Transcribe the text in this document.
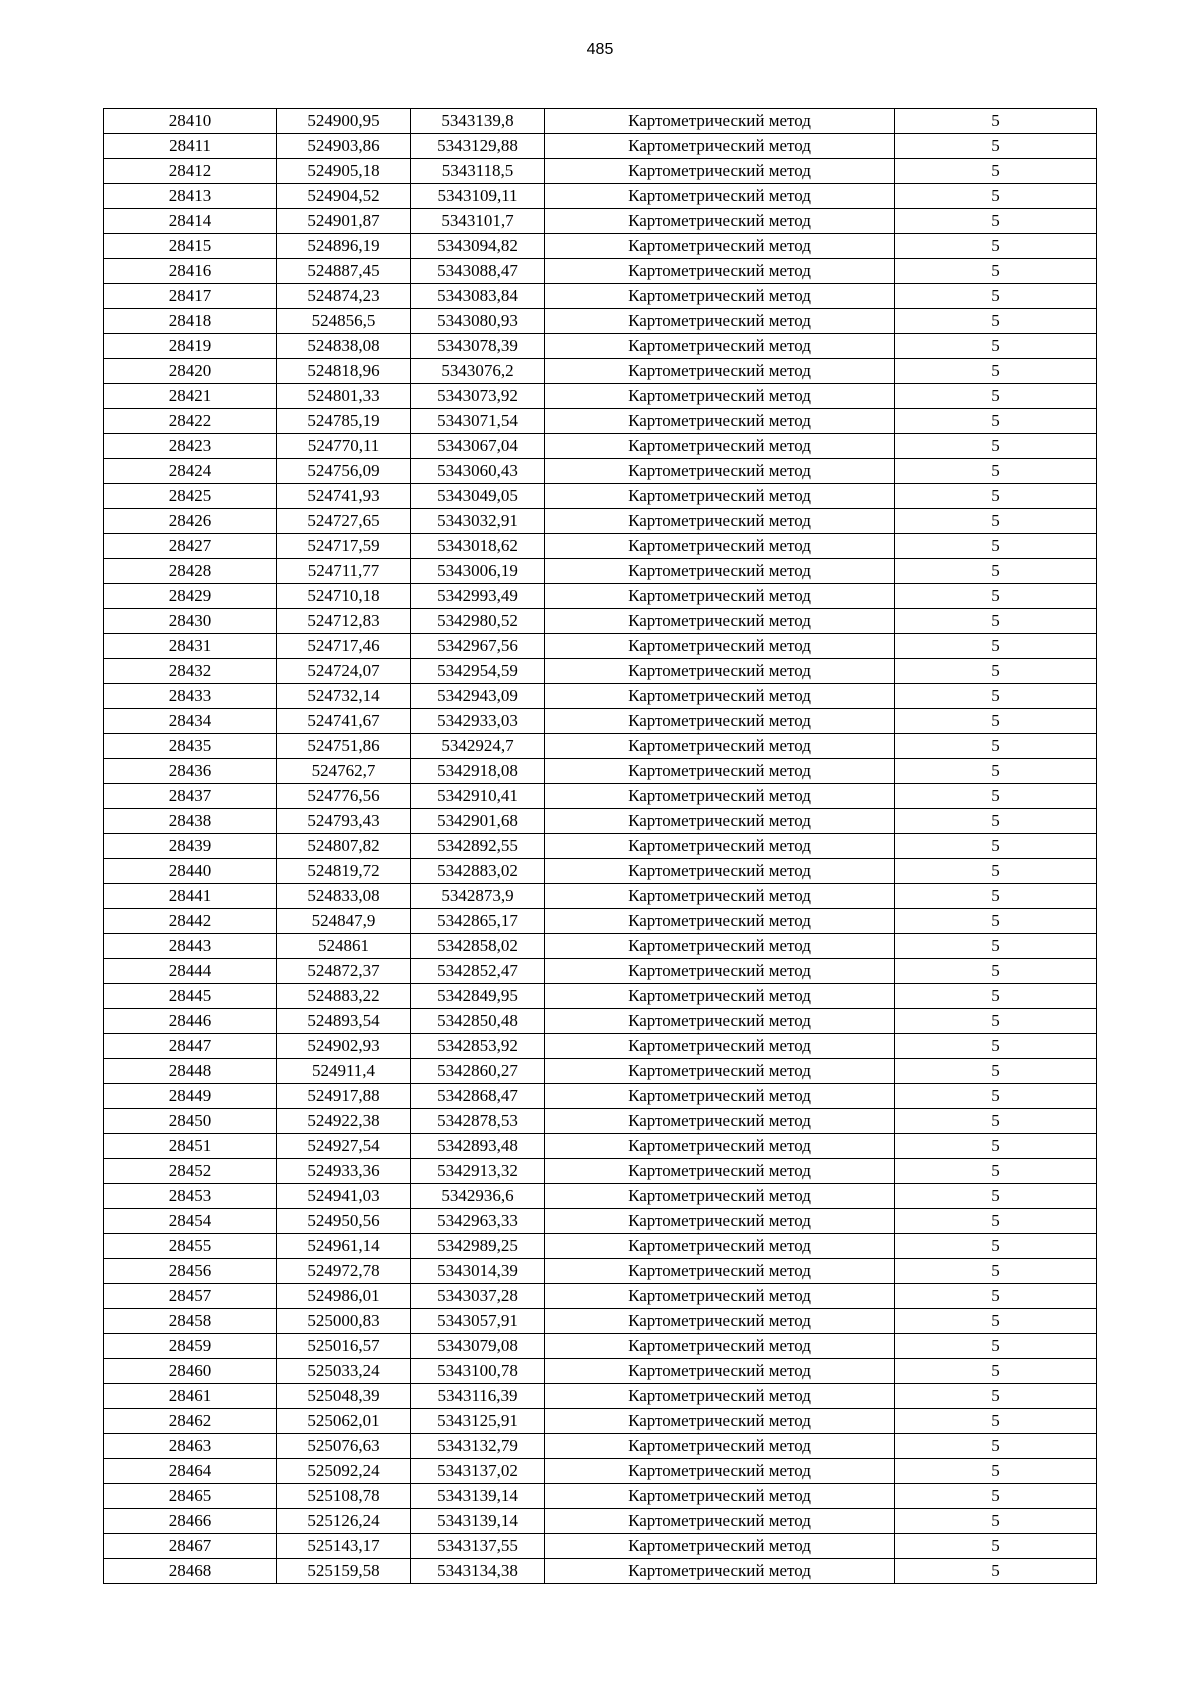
485
28410	524900,95	5343139,8	Картометрический метод	5
28411	524903,86	5343129,88	Картометрический метод	5
28412	524905,18	5343118,5	Картометрический метод	5
28413	524904,52	5343109,11	Картометрический метод	5
28414	524901,87	5343101,7	Картометрический метод	5
28415	524896,19	5343094,82	Картометрический метод	5
28416	524887,45	5343088,47	Картометрический метод	5
28417	524874,23	5343083,84	Картометрический метод	5
28418	524856,5	5343080,93	Картометрический метод	5
28419	524838,08	5343078,39	Картометрический метод	5
28420	524818,96	5343076,2	Картометрический метод	5
28421	524801,33	5343073,92	Картометрический метод	5
28422	524785,19	5343071,54	Картометрический метод	5
28423	524770,11	5343067,04	Картометрический метод	5
28424	524756,09	5343060,43	Картометрический метод	5
28425	524741,93	5343049,05	Картометрический метод	5
28426	524727,65	5343032,91	Картометрический метод	5
28427	524717,59	5343018,62	Картометрический метод	5
28428	524711,77	5343006,19	Картометрический метод	5
28429	524710,18	5342993,49	Картометрический метод	5
28430	524712,83	5342980,52	Картометрический метод	5
28431	524717,46	5342967,56	Картометрический метод	5
28432	524724,07	5342954,59	Картометрический метод	5
28433	524732,14	5342943,09	Картометрический метод	5
28434	524741,67	5342933,03	Картометрический метод	5
28435	524751,86	5342924,7	Картометрический метод	5
28436	524762,7	5342918,08	Картометрический метод	5
28437	524776,56	5342910,41	Картометрический метод	5
28438	524793,43	5342901,68	Картометрический метод	5
28439	524807,82	5342892,55	Картометрический метод	5
28440	524819,72	5342883,02	Картометрический метод	5
28441	524833,08	5342873,9	Картометрический метод	5
28442	524847,9	5342865,17	Картометрический метод	5
28443	524861	5342858,02	Картометрический метод	5
28444	524872,37	5342852,47	Картометрический метод	5
28445	524883,22	5342849,95	Картометрический метод	5
28446	524893,54	5342850,48	Картометрический метод	5
28447	524902,93	5342853,92	Картометрический метод	5
28448	524911,4	5342860,27	Картометрический метод	5
28449	524917,88	5342868,47	Картометрический метод	5
28450	524922,38	5342878,53	Картометрический метод	5
28451	524927,54	5342893,48	Картометрический метод	5
28452	524933,36	5342913,32	Картометрический метод	5
28453	524941,03	5342936,6	Картометрический метод	5
28454	524950,56	5342963,33	Картометрический метод	5
28455	524961,14	5342989,25	Картометрический метод	5
28456	524972,78	5343014,39	Картометрический метод	5
28457	524986,01	5343037,28	Картометрический метод	5
28458	525000,83	5343057,91	Картометрический метод	5
28459	525016,57	5343079,08	Картометрический метод	5
28460	525033,24	5343100,78	Картометрический метод	5
28461	525048,39	5343116,39	Картометрический метод	5
28462	525062,01	5343125,91	Картометрический метод	5
28463	525076,63	5343132,79	Картометрический метод	5
28464	525092,24	5343137,02	Картометрический метод	5
28465	525108,78	5343139,14	Картометрический метод	5
28466	525126,24	5343139,14	Картометрический метод	5
28467	525143,17	5343137,55	Картометрический метод	5
28468	525159,58	5343134,38	Картометрический метод	5
